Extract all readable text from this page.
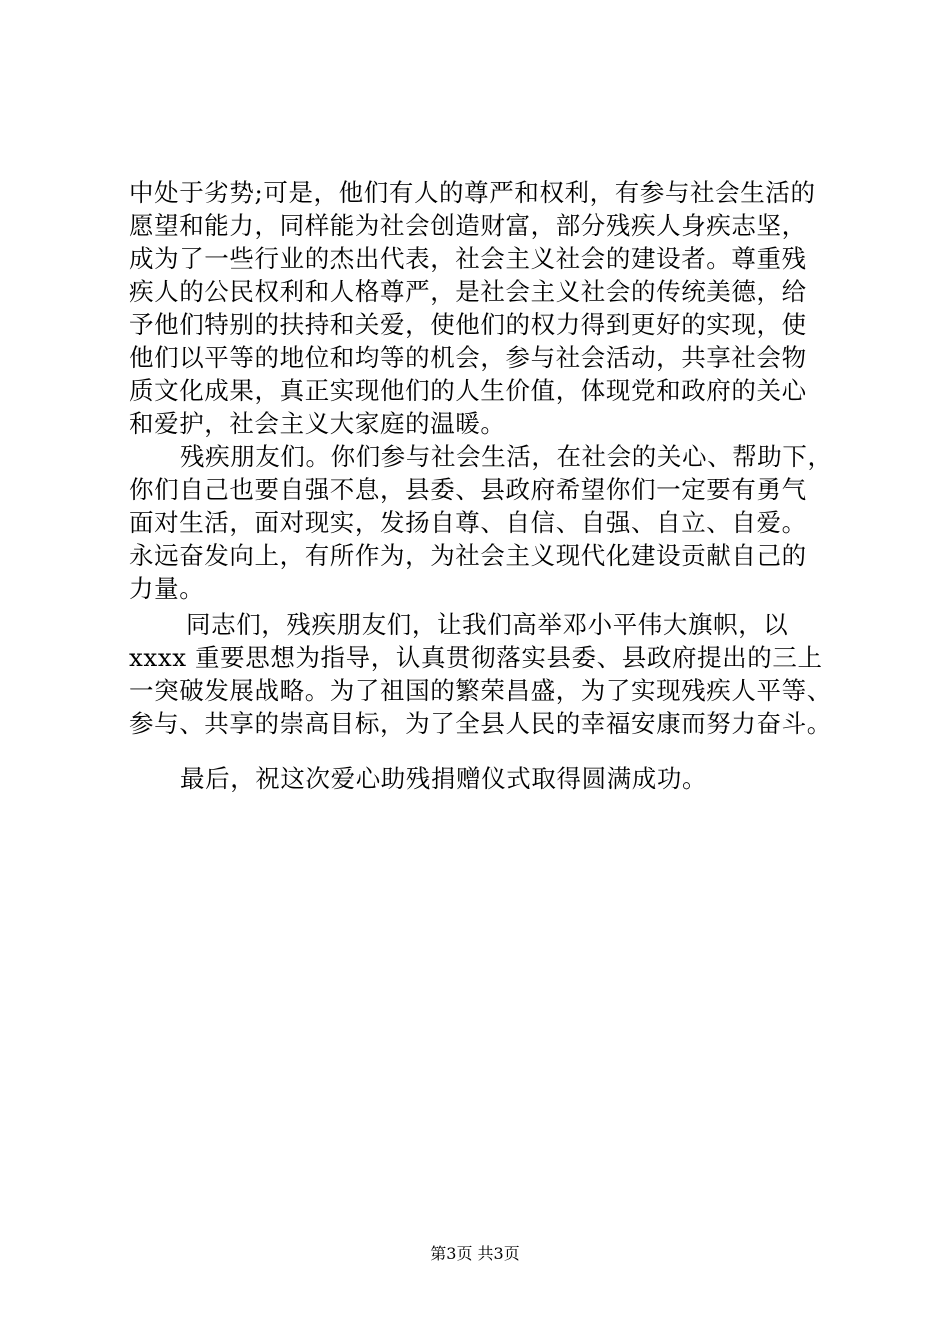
中处于劣势;可是，他们有人的尊严和权利，有参与社会生活的
愿望和能力，同样能为社会创造财富，部分残疾人身疾志坚，
成为了一些行业的杰出代表，社会主义社会的建设者。尊重残
疾人的公民权利和人格尊严，是社会主义社会的传统美德，给
予他们特别的扶持和关爱，使他们的权力得到更好的实现，使
他们以平等的地位和均等的机会，参与社会活动，共享社会物
质文化成果，真正实现他们的人生价值，体现党和政府的关心
和爱护，社会主义大家庭的温暖。
残疾朋友们。你们参与社会生活，在社会的关心、帮助下，
你们自己也要自强不息，县委、县政府希望你们一定要有勇气
面对生活，面对现实，发扬自尊、自信、自强、自立、自爱。
永远奋发向上，有所作为，为社会主义现代化建设贡献自己的
力量。
同志们，残疾朋友们，让我们高举邓小平伟大旗帜，以
xxxx 重要思想为指导，认真贯彻落实县委、县政府提出的三上
一突破发展战略。为了祖国的繁荣昌盛，为了实现残疾人平等、
参与、共享的崇高目标，为了全县人民的幸福安康而努力奋斗。
最后，祝这次爱心助残捐赠仪式取得圆满成功。
第3页 共3页
